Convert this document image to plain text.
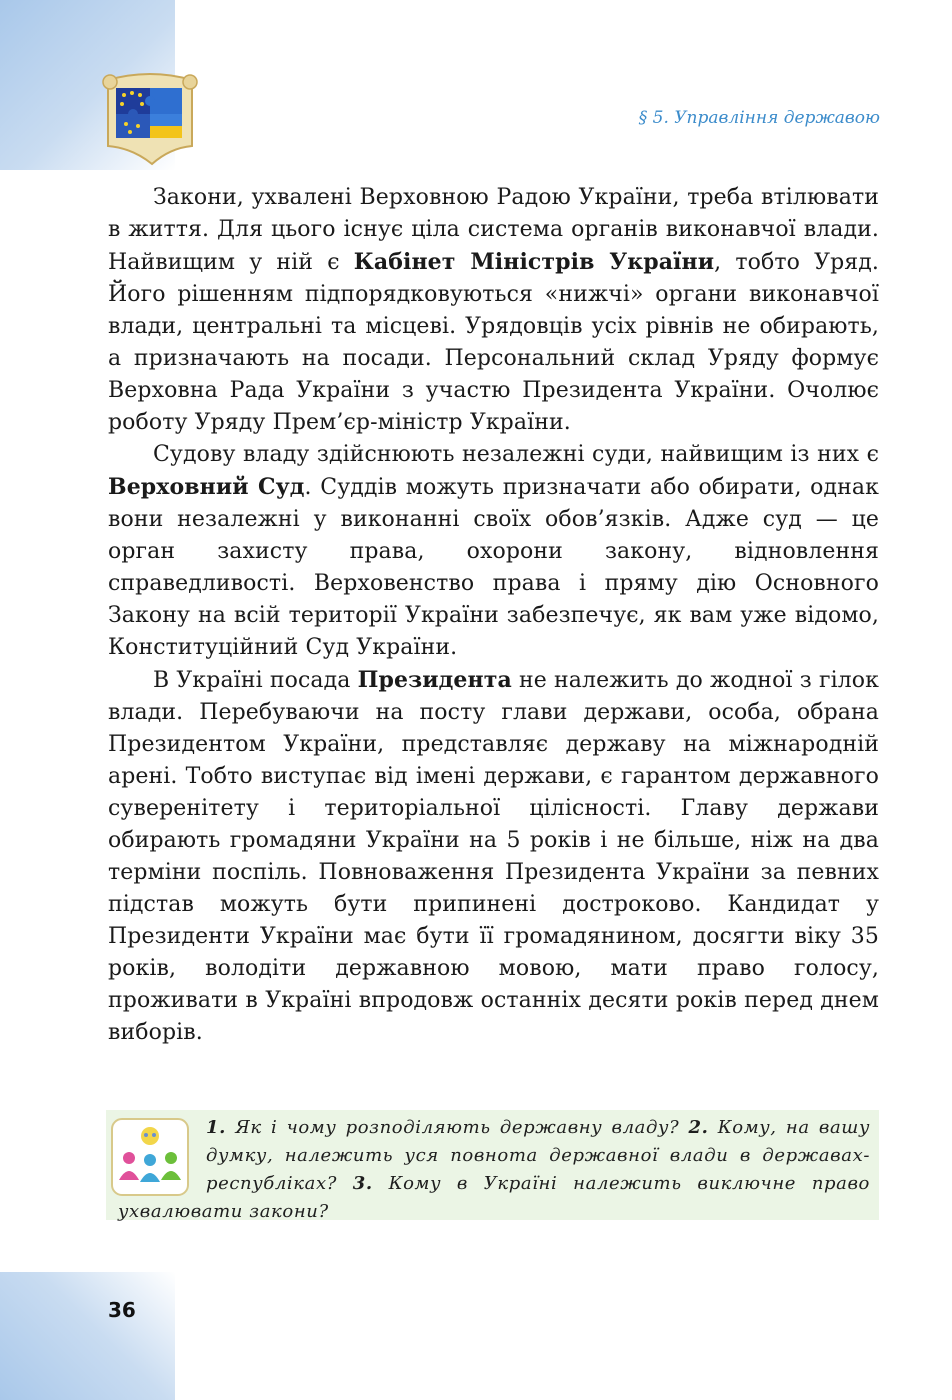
§ 5. Управління державою

Закони, ухвалені Верховною Радою України, треба втілювати в життя. Для цього існує ціла система органів виконавчої влади. Найвищим у ній є Кабінет Міністрів України, тобто Уряд. Його рішенням підпорядковуються «нижчі» органи виконавчої влади, центральні та місцеві. Урядовців усіх рівнів не обирають, а призначають на посади. Персональний склад Уряду формує Верховна Рада України з участю Президента України. Очолює роботу Уряду Прем’єр-міністр України.

Судову владу здійснюють незалежні суди, найвищим із них є Верховний Суд. Суддів можуть призначати або обирати, однак вони незалежні у виконанні своїх обов’язків. Адже суд — це орган захисту права, охорони закону, відновлення справедливості. Верховенство права і пряму дію Основного Закону на всій території України забезпечує, як вам уже відомо, Конституційний Суд України.

В Україні посада Президента не належить до жодної з гілок влади. Перебуваючи на посту глави держави, особа, обрана Президентом України, представляє державу на міжнародній арені. Тобто виступає від імені держави, є гарантом державного суверенітету і територіальної цілісності. Главу держави обирають громадяни України на 5 років і не більше, ніж на два терміни поспіль. Повноваження Президента України за певних підстав можуть бути припинені достроково. Кандидат у Президенти України має бути її громадянином, досягти віку 35 років, володіти державною мовою, мати право голосу, проживати в Україні впродовж останніх десяти років перед днем виборів.

1. Як і чому розподіляють державну владу? 2. Кому, на вашу думку, належить уся повнота державної влади в державах-республіках? 3. Кому в Україні належить виключне право ухвалювати закони?

36
